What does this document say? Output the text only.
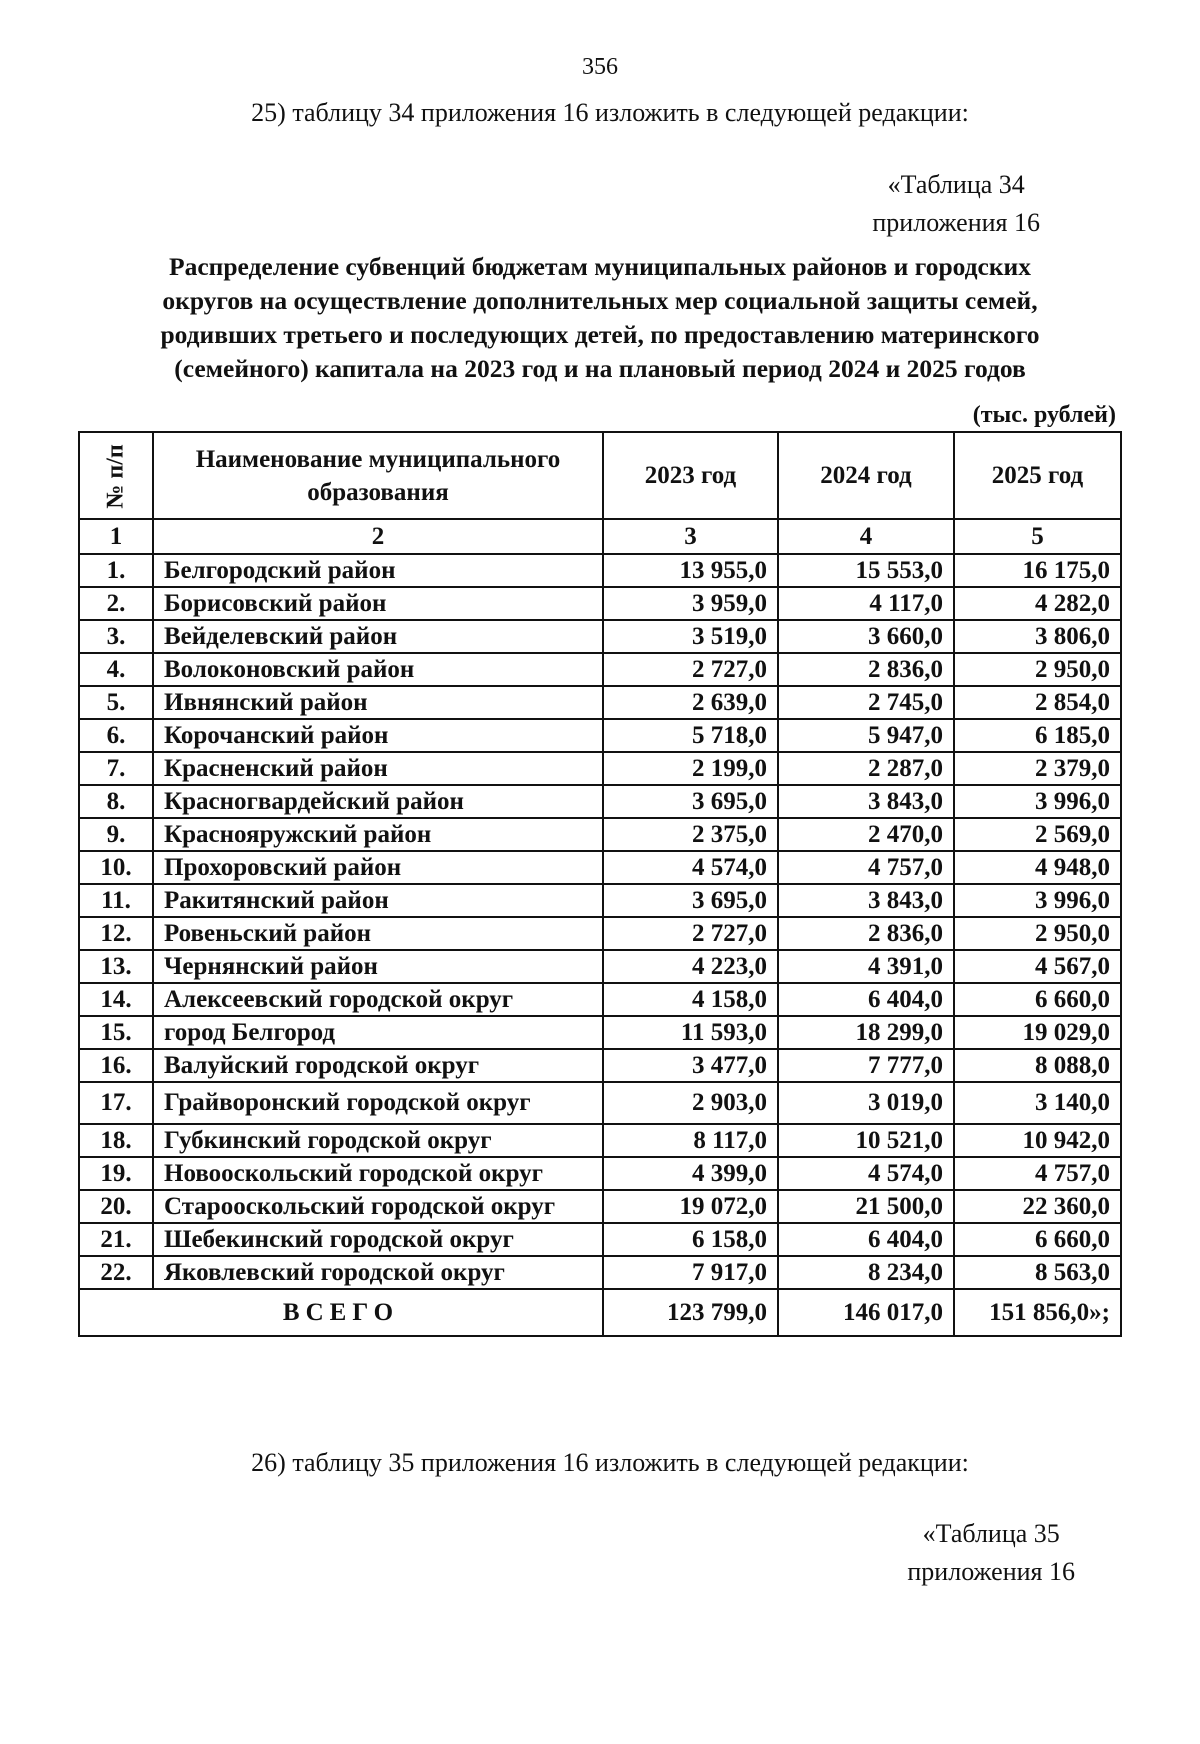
356
25) таблицу 34 приложения 16 изложить в следующей редакции:
«Таблица 34
приложения 16
Распределение субвенций бюджетам муниципальных районов и городских
округов на осуществление дополнительных мер социальной защиты семей,
родивших третьего и последующих детей, по предоставлению материнского
(семейного) капитала на 2023 год и на плановый период 2024 и 2025 годов
(тыс. рублей)
№ п/п	Наименование муниципального образования	2023 год	2024 год	2025 год
1	2	3	4	5
1.	Белгородский район	13 955,0	15 553,0	16 175,0
2.	Борисовский район	3 959,0	4 117,0	4 282,0
3.	Вейделевский район	3 519,0	3 660,0	3 806,0
4.	Волоконовский район	2 727,0	2 836,0	2 950,0
5.	Ивнянский район	2 639,0	2 745,0	2 854,0
6.	Корочанский район	5 718,0	5 947,0	6 185,0
7.	Красненский район	2 199,0	2 287,0	2 379,0
8.	Красногвардейский район	3 695,0	3 843,0	3 996,0
9.	Краснояружский район	2 375,0	2 470,0	2 569,0
10.	Прохоровский район	4 574,0	4 757,0	4 948,0
11.	Ракитянский район	3 695,0	3 843,0	3 996,0
12.	Ровеньский район	2 727,0	2 836,0	2 950,0
13.	Чернянский район	4 223,0	4 391,0	4 567,0
14.	Алексеевский городской округ	4 158,0	6 404,0	6 660,0
15.	город Белгород	11 593,0	18 299,0	19 029,0
16.	Валуйский городской округ	3 477,0	7 777,0	8 088,0
17.	Грайворонский городской округ	2 903,0	3 019,0	3 140,0
18.	Губкинский городской округ	8 117,0	10 521,0	10 942,0
19.	Новооскольский городской округ	4 399,0	4 574,0	4 757,0
20.	Старооскольский городской округ	19 072,0	21 500,0	22 360,0
21.	Шебекинский городской округ	6 158,0	6 404,0	6 660,0
22.	Яковлевский городской округ	7 917,0	8 234,0	8 563,0
ВСЕГО		123 799,0	146 017,0	151 856,0»;
26) таблицу 35 приложения 16 изложить в следующей редакции:
«Таблица 35
приложения 16
